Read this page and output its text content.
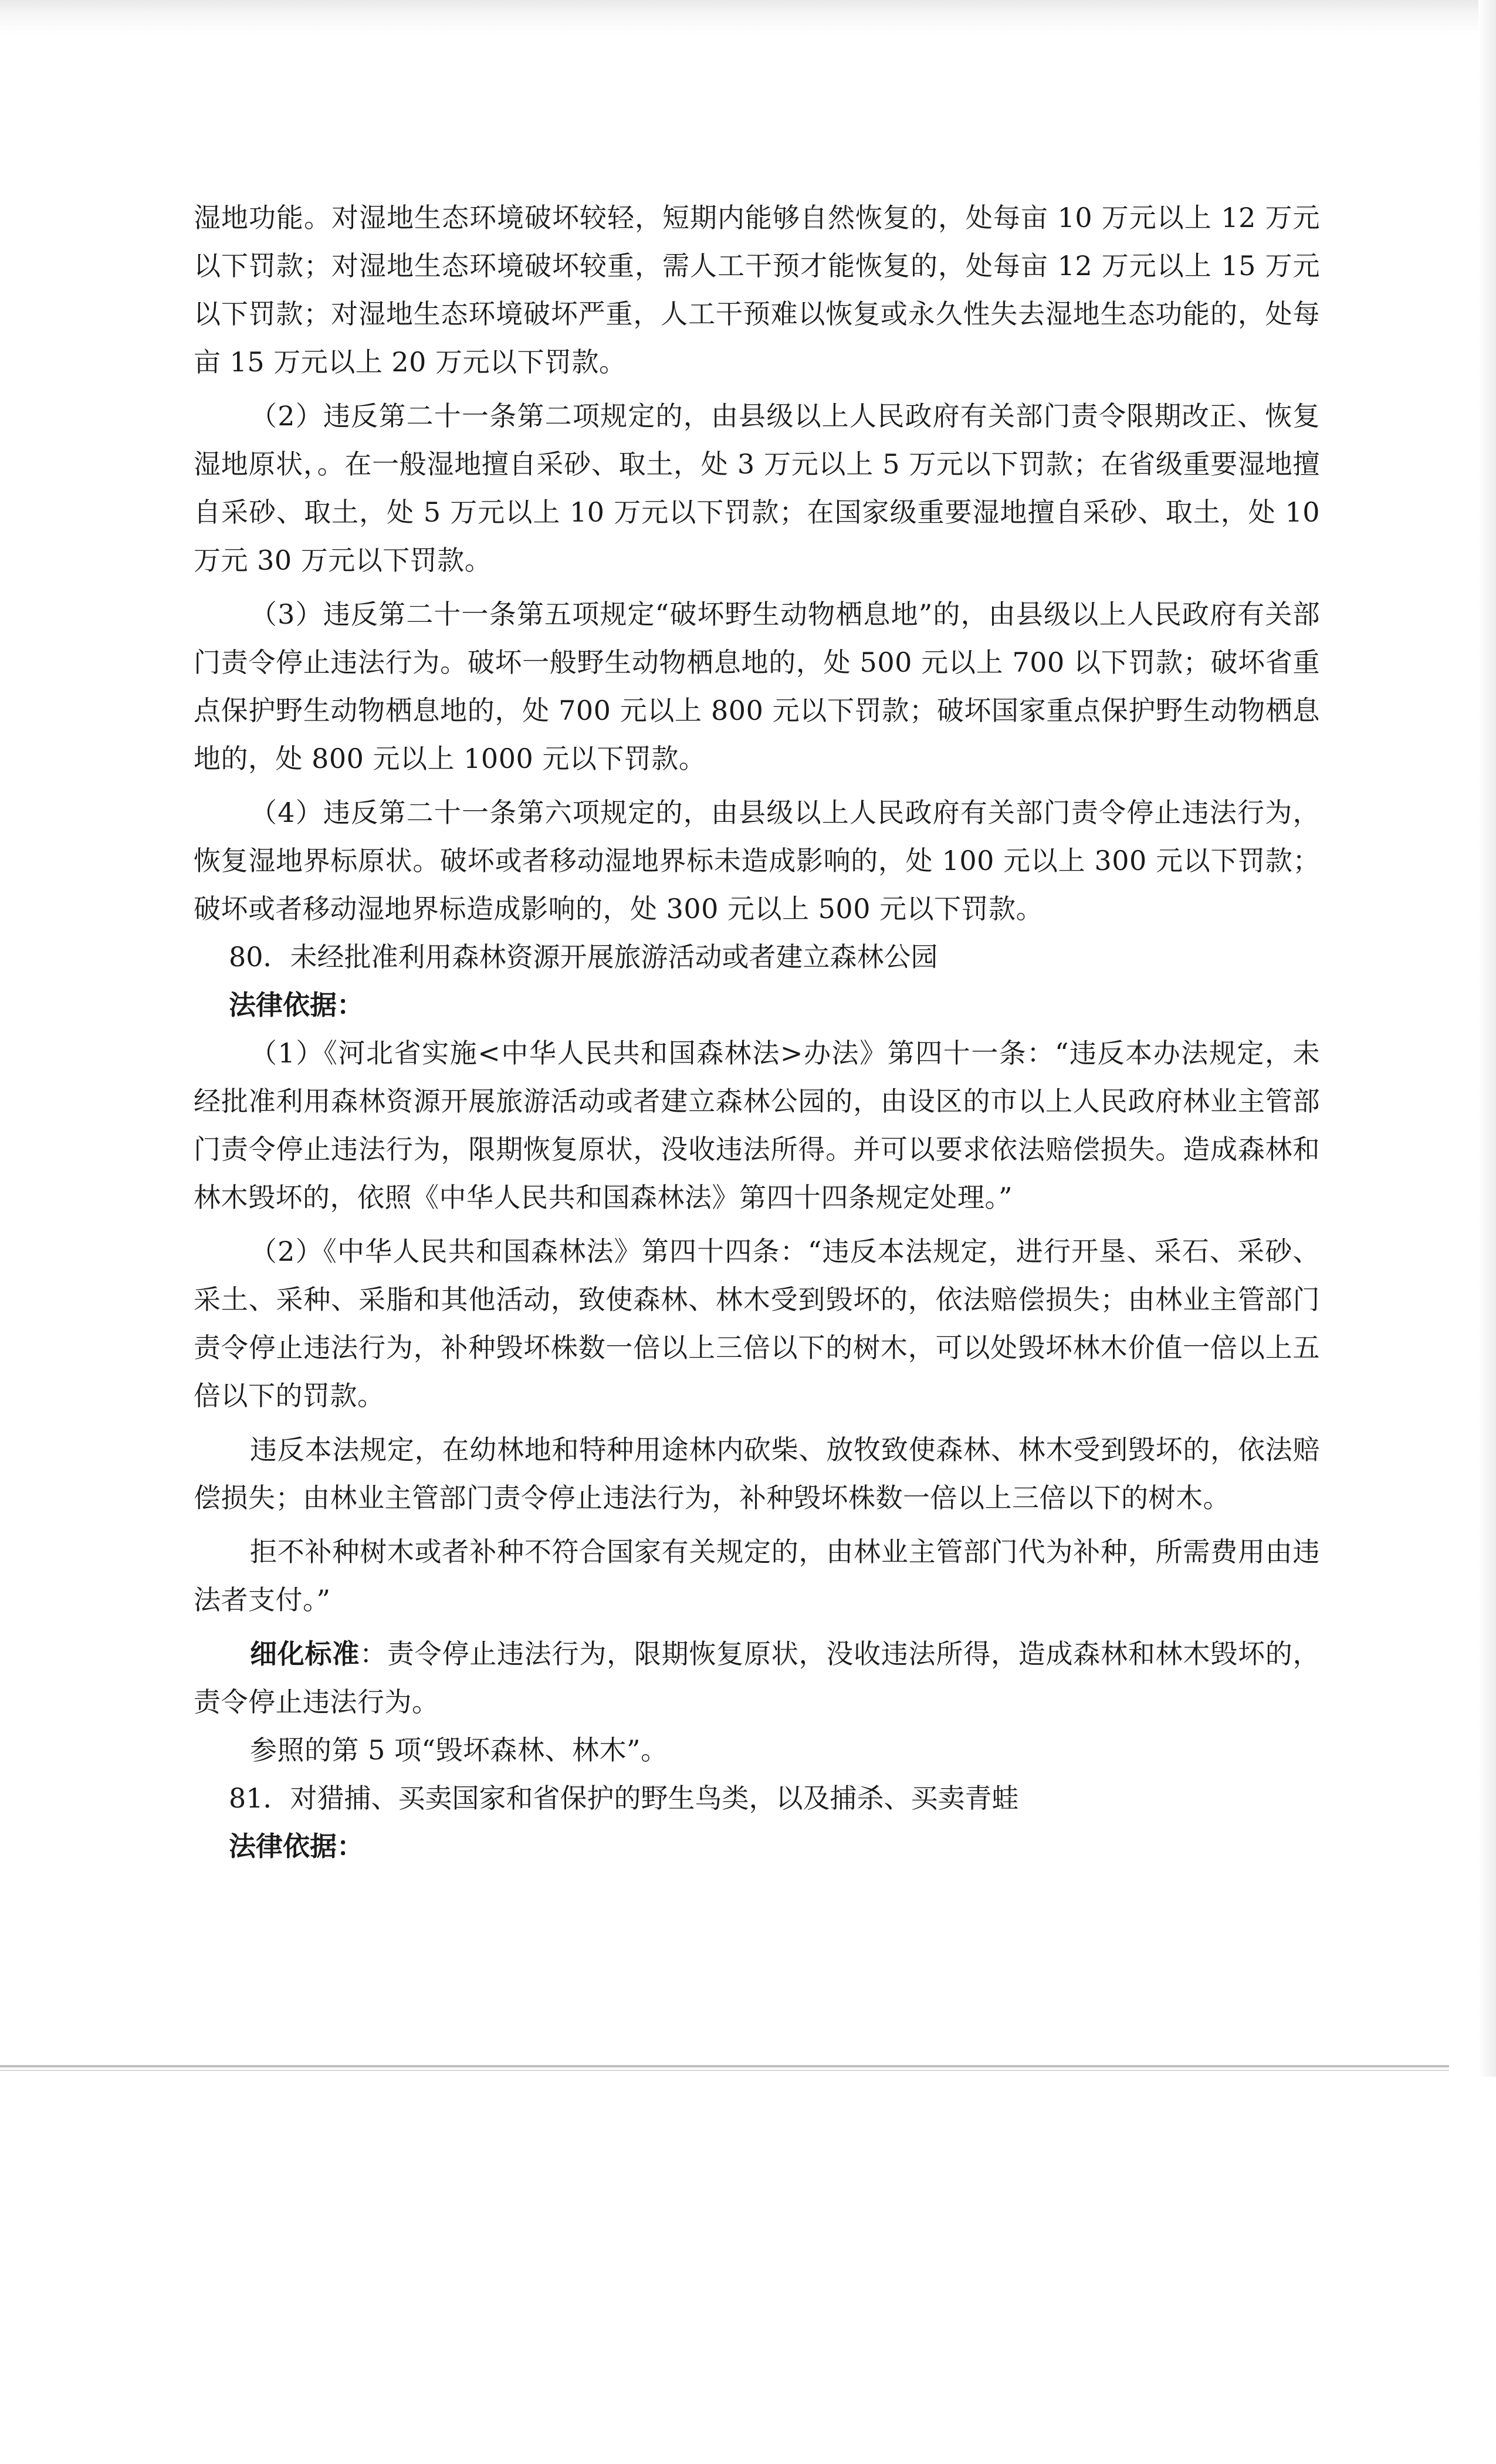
湿地功能。对湿地生态环境破坏较轻，短期内能够自然恢复的，处每亩 10 万元以上 12 万元以下罚款；对湿地生态环境破坏较重，需人工干预才能恢复的，处每亩 12 万元以上 15 万元以下罚款；对湿地生态环境破坏严重，人工干预难以恢复或永久性失去湿地生态功能的，处每亩 15 万元以上 20 万元以下罚款。

（2）违反第二十一条第二项规定的，由县级以上人民政府有关部门责令限期改正、恢复湿地原状，。在一般湿地擅自采砂、取土，处 3 万元以上 5 万元以下罚款；在省级重要湿地擅自采砂、取土，处 5 万元以上 10 万元以下罚款；在国家级重要湿地擅自采砂、取土，处 10 万元 30 万元以下罚款。

（3）违反第二十一条第五项规定“破坏野生动物栖息地”的，由县级以上人民政府有关部门责令停止违法行为。破坏一般野生动物栖息地的，处 500 元以上 700 以下罚款；破坏省重点保护野生动物栖息地的，处 700 元以上 800 元以下罚款；破坏国家重点保护野生动物栖息地的，处 800 元以上 1000 元以下罚款。

（4）违反第二十一条第六项规定的，由县级以上人民政府有关部门责令停止违法行为，恢复湿地界标原状。破坏或者移动湿地界标未造成影响的，处 100 元以上 300 元以下罚款；破坏或者移动湿地界标造成影响的，处 300 元以上 500 元以下罚款。

80．未经批准利用森林资源开展旅游活动或者建立森林公园

法律依据：

（1）《河北省实施<中华人民共和国森林法>办法》第四十一条：“违反本办法规定，未经批准利用森林资源开展旅游活动或者建立森林公园的，由设区的市以上人民政府林业主管部门责令停止违法行为，限期恢复原状，没收违法所得。并可以要求依法赔偿损失。造成森林和林木毁坏的，依照《中华人民共和国森林法》第四十四条规定处理。”

（2）《中华人民共和国森林法》第四十四条：“违反本法规定，进行开垦、采石、采砂、采土、采种、采脂和其他活动，致使森林、林木受到毁坏的，依法赔偿损失；由林业主管部门责令停止违法行为，补种毁坏株数一倍以上三倍以下的树木，可以处毁坏林木价值一倍以上五倍以下的罚款。

违反本法规定，在幼林地和特种用途林内砍柴、放牧致使森林、林木受到毁坏的，依法赔偿损失；由林业主管部门责令停止违法行为，补种毁坏株数一倍以上三倍以下的树木。

拒不补种树木或者补种不符合国家有关规定的，由林业主管部门代为补种，所需费用由违法者支付。”

细化标准：责令停止违法行为，限期恢复原状，没收违法所得，造成森林和林木毁坏的，责令停止违法行为。

参照的第 5 项“毁坏森林、林木”。

81．对猎捕、买卖国家和省保护的野生鸟类，以及捕杀、买卖青蛙

法律依据：
